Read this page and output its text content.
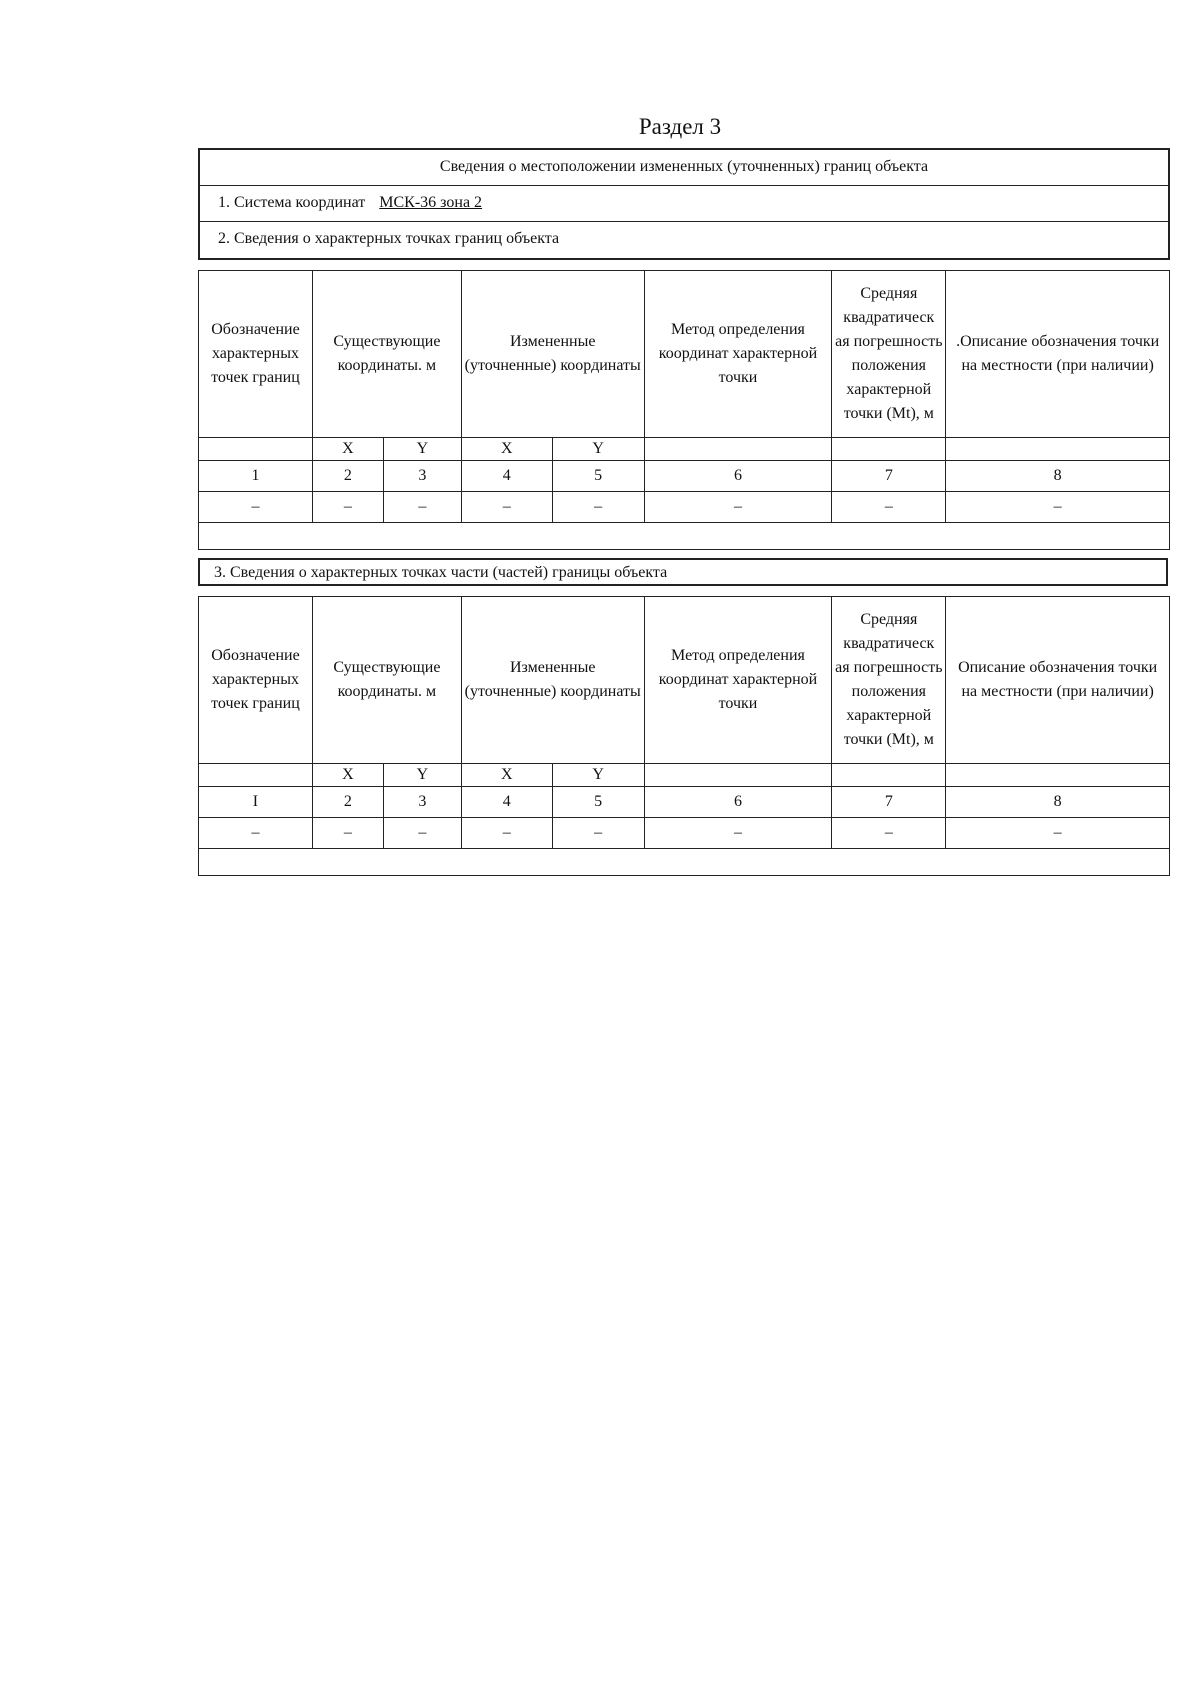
Раздел 3
Сведения о местоположении измененных (уточненных) границ объекта
1. Система координат МСК-36 зона 2
2. Сведения о характерных точках границ объекта
Обозначение характерных точек границ	Существующие координаты. м		Измененные (уточненные) координаты		Метод определения координат характерной точки	Средняя квадратическ ая погрешность положения характерной точки (Mt), м	.Описание обозначения точки на местности (при наличии)
	X	Y	X	Y			
1	2	3	4	5	6	7	8
–	–	–	–	–	–	–	–

3. Сведения о характерных точках части (частей) границы объекта
Обозначение характерных точек границ	Существующие координаты. м		Измененные (уточненные) координаты		Метод определения координат характерной точки	Средняя квадратическ ая погрешность положения характерной точки (Mt), м	Описание обозначения точки на местности (при наличии)
	X	Y	X	Y			
I	2	3	4	5	6	7	8
–	–	–	–	–	–	–	–
